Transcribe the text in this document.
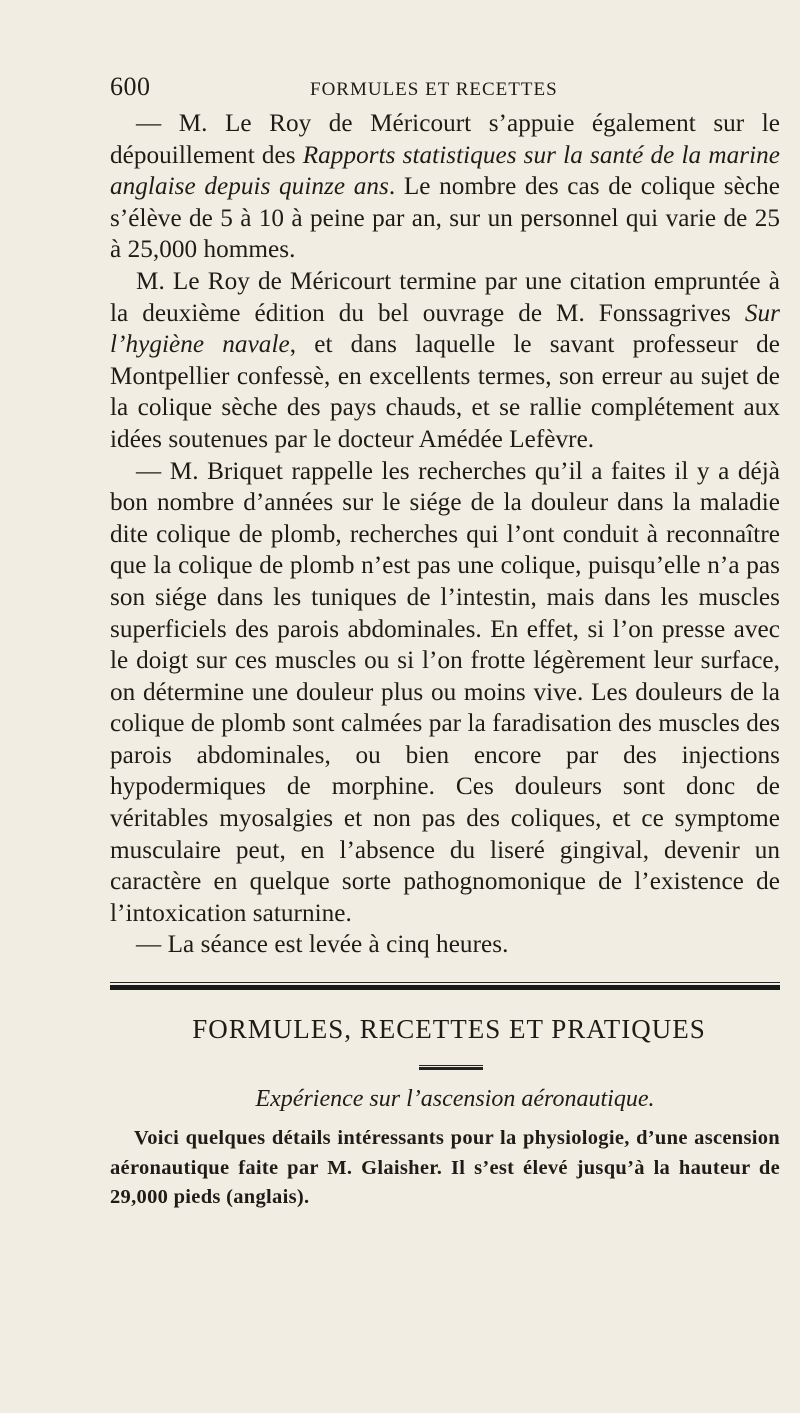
600	FORMULES ET RECETTES

— M. Le Roy de Méricourt s’appuie également sur le dépouillement des Rapports statistiques sur la santé de la marine anglaise depuis quinze ans. Le nombre des cas de colique sèche s’élève de 5 à 10 à peine par an, sur un personnel qui varie de 25 à 25,000 hommes.

M. Le Roy de Méricourt termine par une citation empruntée à la deuxième édition du bel ouvrage de M. Fonssagrives Sur l’hygiène navale, et dans laquelle le savant professeur de Montpellier confessè, en excellents termes, son erreur au sujet de la colique sèche des pays chauds, et se rallie complétement aux idées soutenues par le docteur Amédée Lefèvre.

— M. Briquet rappelle les recherches qu’il a faites il y a déjà bon nombre d’années sur le siége de la douleur dans la maladie dite colique de plomb, recherches qui l’ont conduit à reconnaître que la colique de plomb n’est pas une colique, puisqu’elle n’a pas son siége dans les tuniques de l’intestin, mais dans les muscles superficiels des parois abdominales. En effet, si l’on presse avec le doigt sur ces muscles ou si l’on frotte légèrement leur surface, on détermine une douleur plus ou moins vive. Les douleurs de la colique de plomb sont calmées par la faradisation des muscles des parois abdominales, ou bien encore par des injections hypodermiques de morphine. Ces douleurs sont donc de véritables myosalgies et non pas des coliques, et ce symptome musculaire peut, en l’absence du liseré gingival, devenir un caractère en quelque sorte pathognomonique de l’existence de l’intoxication saturnine.

— La séance est levée à cinq heures.

FORMULES, RECETTES ET PRATIQUES
Expérience sur l’ascension aéronautique.

Voici quelques détails intéressants pour la physiologie, d’une ascension aéronautique faite par M. Glaisher. Il s’est élevé jusqu’à la hauteur de 29,000 pieds (anglais).
